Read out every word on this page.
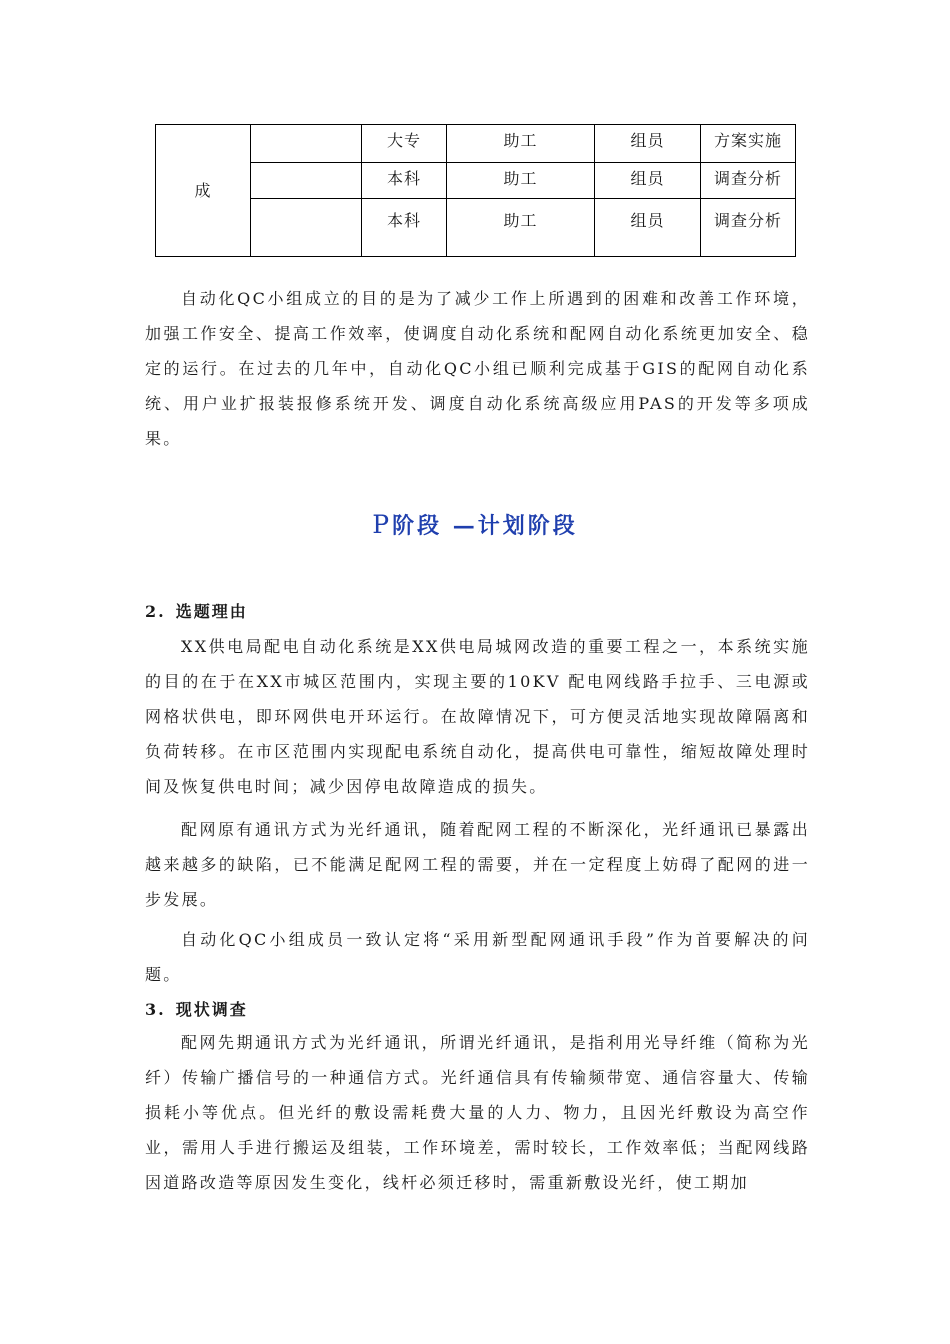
成		大专	助工	组员	方案实施
		本科	助工	组员	调查分析
		本科	助工	组员	调查分析

自动化QC小组成立的目的是为了减少工作上所遇到的困难和改善工作环境，加强工作安全、提高工作效率，使调度自动化系统和配网自动化系统更加安全、稳定的运行。在过去的几年中，自动化QC小组已顺利完成基于GIS的配网自动化系统、用户业扩报装报修系统开发、调度自动化系统高级应用PAS的开发等多项成果。

P阶段 —计划阶段
2. 选题理由

XX供电局配电自动化系统是XX供电局城网改造的重要工程之一，本系统实施的目的在于在XX市城区范围内，实现主要的10KV 配电网线路手拉手、三电源或网格状供电，即环网供电开环运行。在故障情况下，可方便灵活地实现故障隔离和负荷转移。在市区范围内实现配电系统自动化，提高供电可靠性，缩短故障处理时间及恢复供电时间；减少因停电故障造成的损失。

配网原有通讯方式为光纤通讯，随着配网工程的不断深化，光纤通讯已暴露出越来越多的缺陷，已不能满足配网工程的需要，并在一定程度上妨碍了配网的进一步发展。

自动化QC小组成员一致认定将“采用新型配网通讯手段”作为首要解决的问题。

3. 现状调查

配网先期通讯方式为光纤通讯，所谓光纤通讯，是指利用光导纤维（简称为光纤）传输广播信号的一种通信方式。光纤通信具有传输频带宽、通信容量大、传输损耗小等优点。但光纤的敷设需耗费大量的人力、物力，且因光纤敷设为高空作业，需用人手进行搬运及组装，工作环境差，需时较长，工作效率低；当配网线路因道路改造等原因发生变化，线杆必须迁移时，需重新敷设光纤，使工期加
